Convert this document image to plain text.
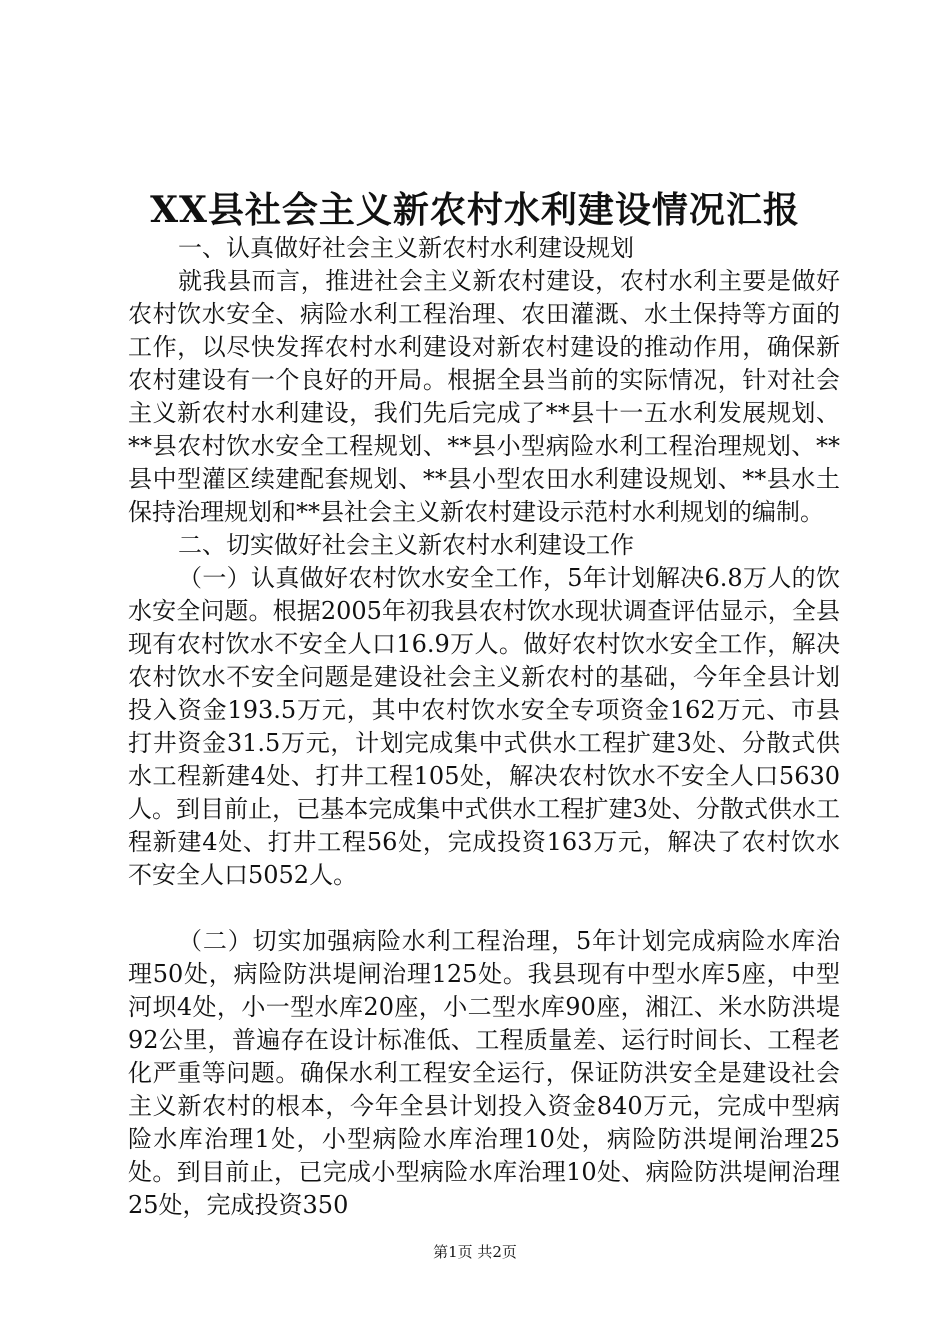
XX县社会主义新农村水利建设情况汇报

一、认真做好社会主义新农村水利建设规划

就我县而言，推进社会主义新农村建设，农村水利主要是做好农村饮水安全、病险水利工程治理、农田灌溉、水土保持等方面的工作，以尽快发挥农村水利建设对新农村建设的推动作用，确保新农村建设有一个良好的开局。根据全县当前的实际情况，针对社会主义新农村水利建设，我们先后完成了**县十一五水利发展规划、**县农村饮水安全工程规划、**县小型病险水利工程治理规划、**县中型灌区续建配套规划、**县小型农田水利建设规划、**县水土保持治理规划和**县社会主义新农村建设示范村水利规划的编制。

二、切实做好社会主义新农村水利建设工作

（一）认真做好农村饮水安全工作，5年计划解决6.8万人的饮水安全问题。根据2005年初我县农村饮水现状调查评估显示，全县现有农村饮水不安全人口16.9万人。做好农村饮水安全工作，解决农村饮水不安全问题是建设社会主义新农村的基础，今年全县计划投入资金193.5万元，其中农村饮水安全专项资金162万元、市县打井资金31.5万元，计划完成集中式供水工程扩建3处、分散式供水工程新建4处、打井工程105处，解决农村饮水不安全人口5630人。到目前止，已基本完成集中式供水工程扩建3处、分散式供水工程新建4处、打井工程56处，完成投资163万元，解决了农村饮水不安全人口5052人。

（二）切实加强病险水利工程治理，5年计划完成病险水库治理50处，病险防洪堤闸治理125处。我县现有中型水库5座，中型河坝4处，小一型水库20座，小二型水库90座，湘江、米水防洪堤92公里，普遍存在设计标准低、工程质量差、运行时间长、工程老化严重等问题。确保水利工程安全运行，保证防洪安全是建设社会主义新农村的根本，今年全县计划投入资金840万元，完成中型病险水库治理1处，小型病险水库治理10处，病险防洪堤闸治理25处。到目前止，已完成小型病险水库治理10处、病险防洪堤闸治理25处，完成投资350

第1页 共2页
